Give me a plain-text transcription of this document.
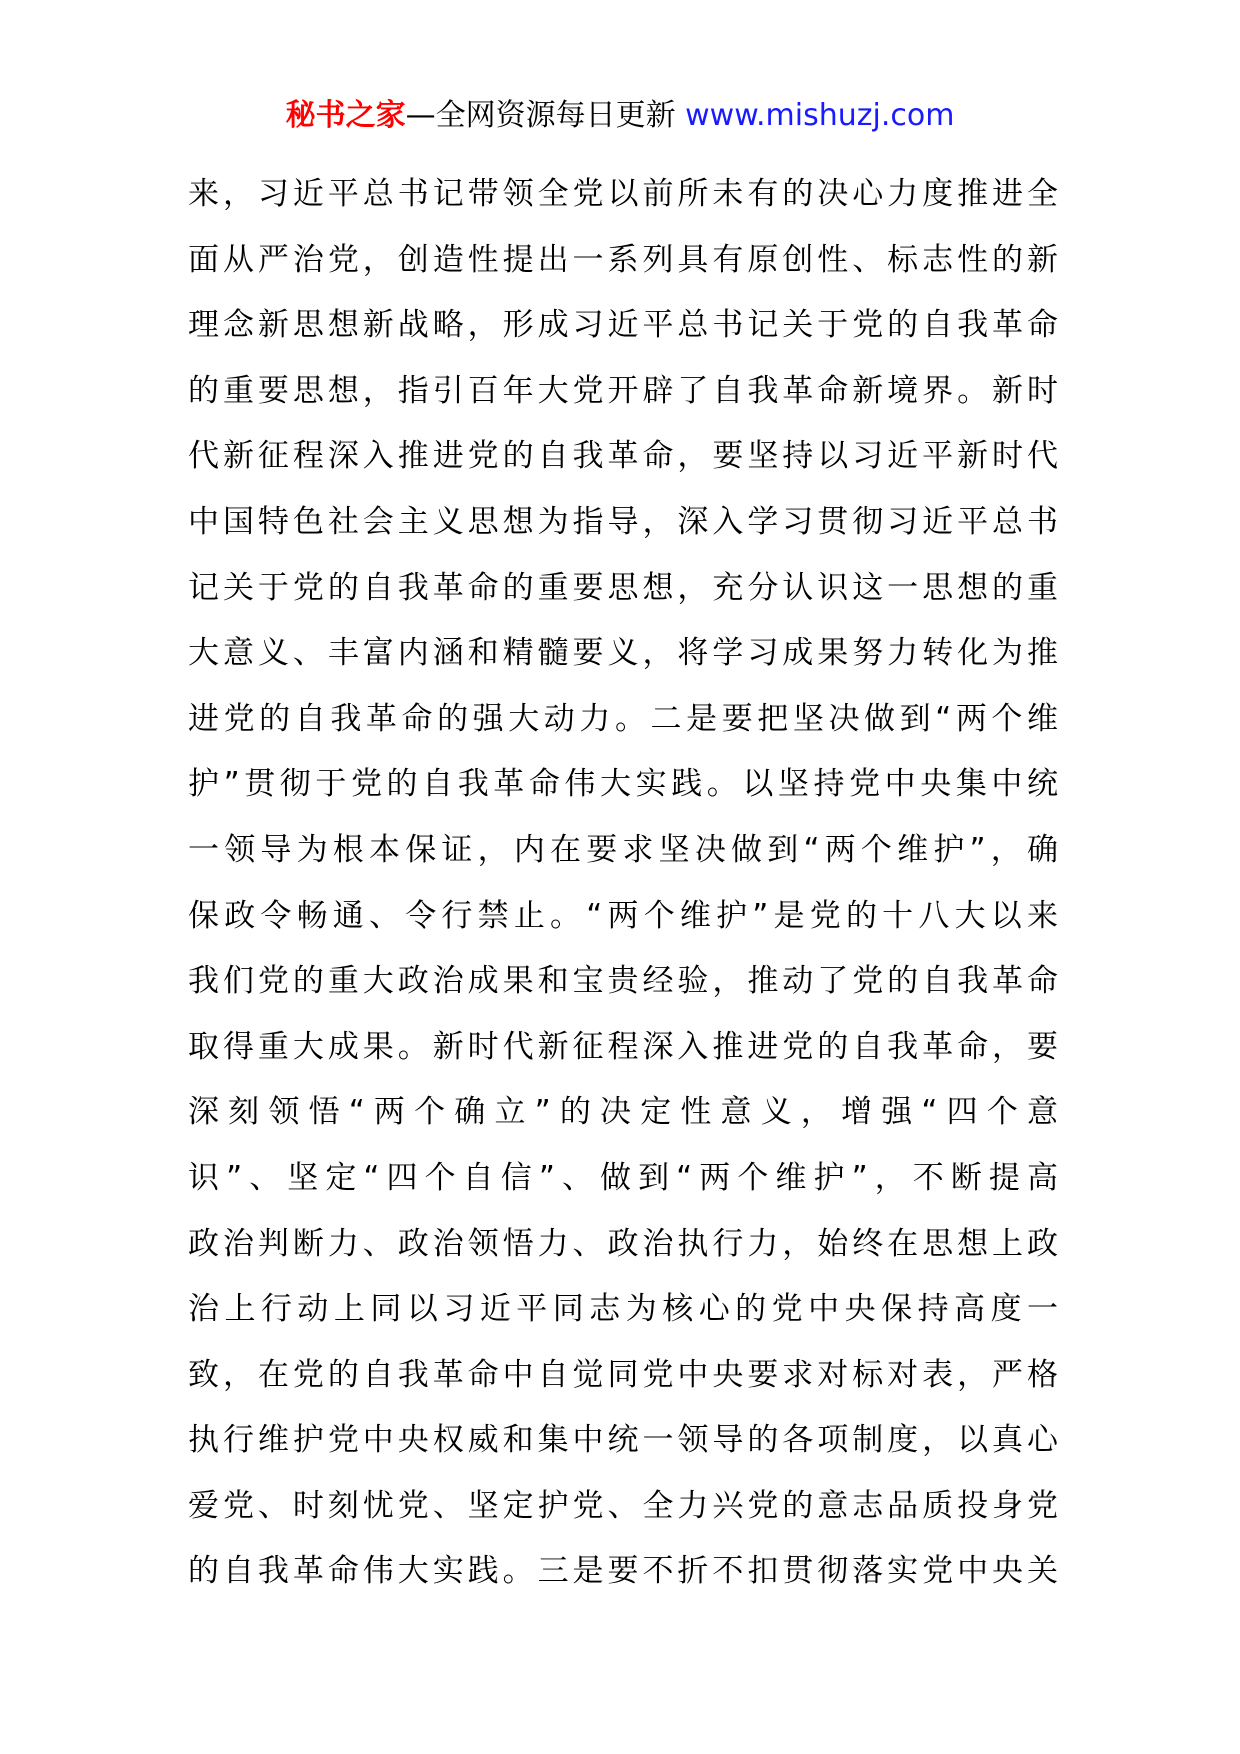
秘书之家—全网资源每日更新 www.mishuzj.com
来，习近平总书记带领全党以前所未有的决心力度推进全
面从严治党，创造性提出一系列具有原创性、标志性的新
理念新思想新战略，形成习近平总书记关于党的自我革命
的重要思想，指引百年大党开辟了自我革命新境界。新时
代新征程深入推进党的自我革命，要坚持以习近平新时代
中国特色社会主义思想为指导，深入学习贯彻习近平总书
记关于党的自我革命的重要思想，充分认识这一思想的重
大意义、丰富内涵和精髓要义，将学习成果努力转化为推
进党的自我革命的强大动力。二是要把坚决做到“两个维
护”贯彻于党的自我革命伟大实践。以坚持党中央集中统
一领导为根本保证，内在要求坚决做到“两个维护”，确
保政令畅通、令行禁止。“两个维护”是党的十八大以来
我们党的重大政治成果和宝贵经验，推动了党的自我革命
取得重大成果。新时代新征程深入推进党的自我革命，要
深刻领悟“两个确立”的决定性意义，增强“四个意
识”、坚定“四个自信”、做到“两个维护”，不断提高
政治判断力、政治领悟力、政治执行力，始终在思想上政
治上行动上同以习近平同志为核心的党中央保持高度一
致，在党的自我革命中自觉同党中央要求对标对表，严格
执行维护党中央权威和集中统一领导的各项制度，以真心
爱党、时刻忧党、坚定护党、全力兴党的意志品质投身党
的自我革命伟大实践。三是要不折不扣贯彻落实党中央关
